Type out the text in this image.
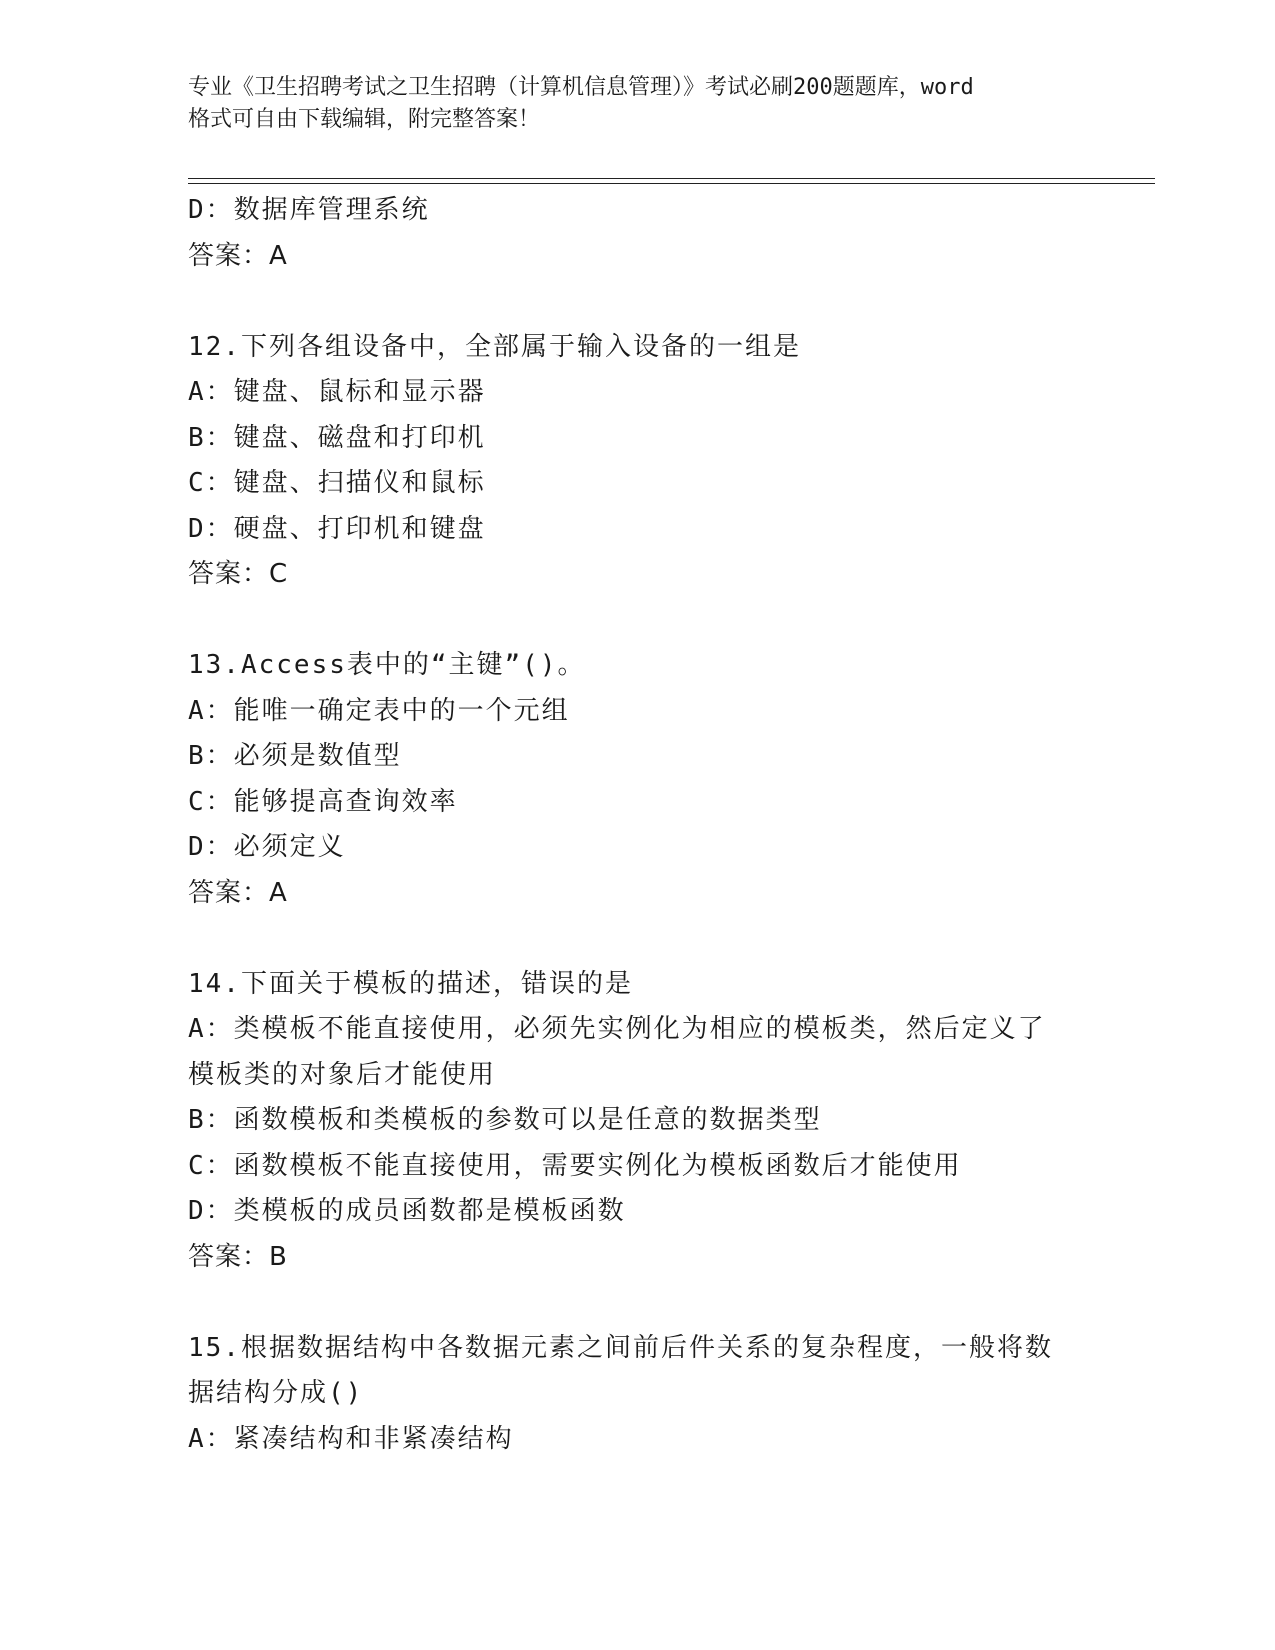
专业《卫生招聘考试之卫生招聘（计算机信息管理）》考试必刷200题题库，word
格式可自由下载编辑，附完整答案！
D：数据库管理系统
答案：A
12.下列各组设备中，全部属于输入设备的一组是
A：键盘、鼠标和显示器
B：键盘、磁盘和打印机
C：键盘、扫描仪和鼠标
D：硬盘、打印机和键盘
答案：C
13.Access表中的“主键”()。
A：能唯一确定表中的一个元组
B：必须是数值型
C：能够提高查询效率
D：必须定义
答案：A
14.下面关于模板的描述，错误的是
A：类模板不能直接使用，必须先实例化为相应的模板类，然后定义了
模板类的对象后才能使用
B：函数模板和类模板的参数可以是任意的数据类型
C：函数模板不能直接使用，需要实例化为模板函数后才能使用
D：类模板的成员函数都是模板函数
答案：B
15.根据数据结构中各数据元素之间前后件关系的复杂程度，一般将数
据结构分成()
A：紧凑结构和非紧凑结构
